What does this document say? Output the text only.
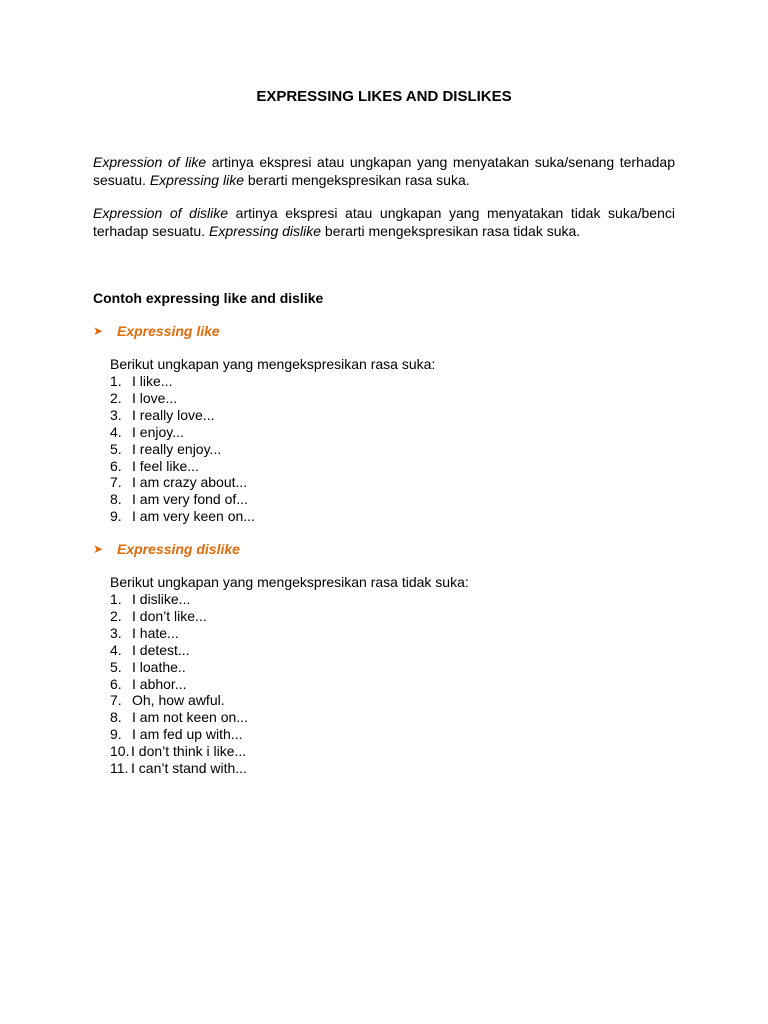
EXPRESSING LIKES AND DISLIKES

Expression of like artinya ekspresi atau ungkapan yang menyatakan suka/senang terhadap sesuatu. Expressing like berarti mengekspresikan rasa suka.

Expression of dislike artinya ekspresi atau ungkapan yang menyatakan tidak suka/benci terhadap sesuatu. Expressing dislike berarti mengekspresikan rasa tidak suka.

Contoh expressing like and dislike
➤ Expressing like

Berikut ungkapan yang mengekspresikan rasa suka:

1. I like...
2. I love...
3. I really love...
4. I enjoy...
5. I really enjoy...
6. I feel like...
7. I am crazy about...
8. I am very fond of...
9. I am very keen on...
➤ Expressing dislike

Berikut ungkapan yang mengekspresikan rasa tidak suka:

1. I dislike...
2. I don’t like...
3. I hate...
4. I detest...
5. I loathe..
6. I abhor...
7. Oh, how awful.
8. I am not keen on...
9. I am fed up with...
10. I don’t think i like...
11. I can’t stand with...
